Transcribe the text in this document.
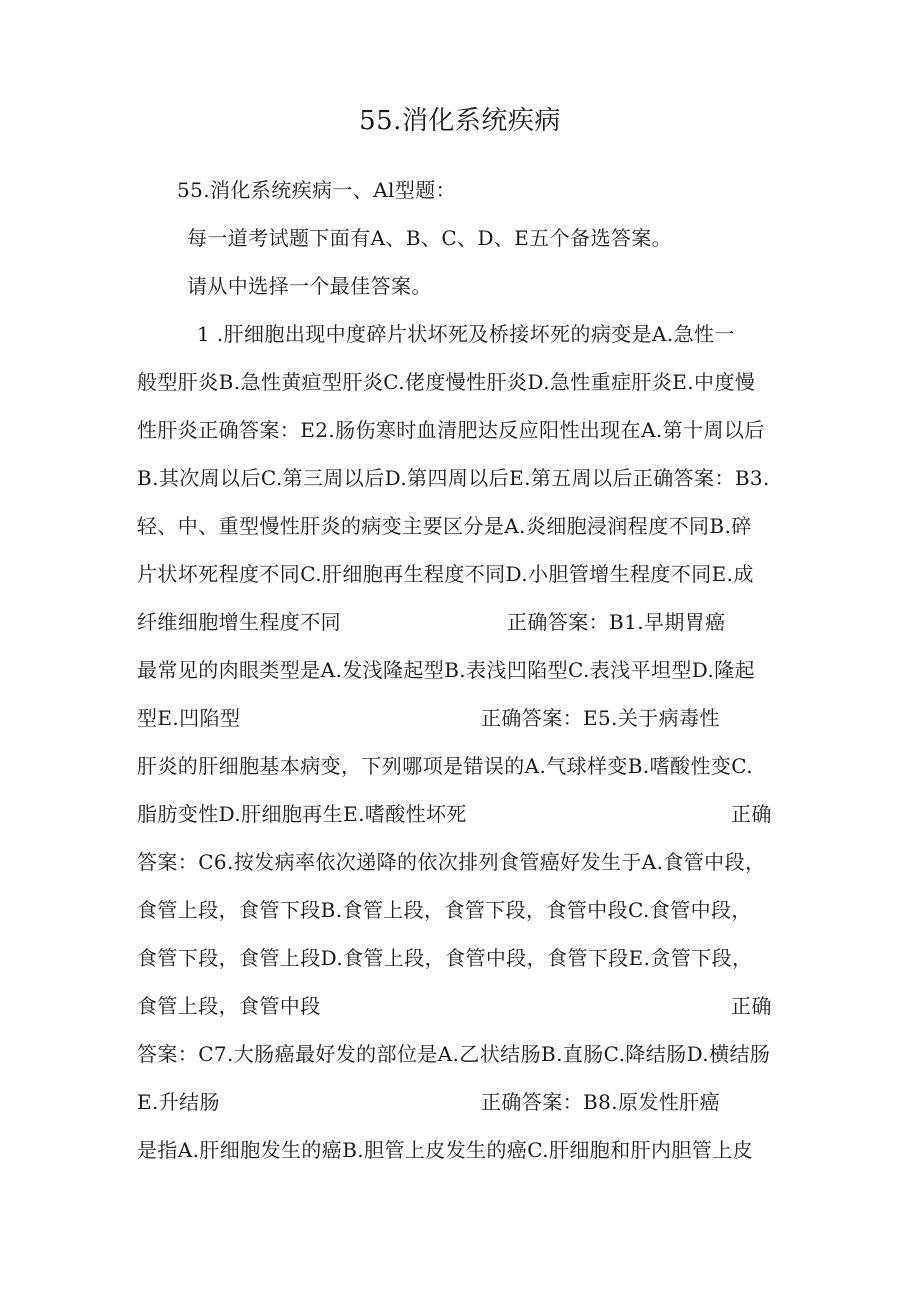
55.消化系统疾病
55.消化系统疾病一、Al型题：
每一道考试题下面有A、B、C、D、E五个备选答案。
请从中选择一个最佳答案。
1 .肝细胞出现中度碎片状坏死及桥接坏死的病变是A.急性一
般型肝炎B.急性黄疸型肝炎C.佬度慢性肝炎D.急性重症肝炎E.中度慢
性肝炎正确答案：E2.肠伤寒时血清肥达反应阳性出现在A.第十周以后
B.其次周以后C.第三周以后D.第四周以后E.第五周以后正确答案：B3.
轻、中、重型慢性肝炎的病变主要区分是A.炎细胞浸润程度不同B.碎
片状坏死程度不同C.肝细胞再生程度不同D.小胆管增生程度不同E.成
纤维细胞增生程度不同	正确答案：B1.早期胃癌
最常见的肉眼类型是A.发浅隆起型B.表浅凹陷型C.表浅平坦型D.隆起
型E.凹陷型	正确答案：E5.关于病毒性
肝炎的肝细胞基本病变，下列哪项是错误的A.气球样变B.嗜酸性变C.
脂肪变性D.肝细胞再生E.嗜酸性坏死	正确
答案：C6.按发病率依次递降的依次排列食管癌好发生于A.食管中段，
食管上段，食管下段B.食管上段，食管下段，食管中段C.食管中段，
食管下段，食管上段D.食管上段，食管中段，食管下段E.贪管下段，
食管上段，食管中段	正确
答案：C7.大肠癌最好发的部位是A.乙状结肠B.直肠C.降结肠D.横结肠
E.升结肠	正确答案：B8.原发性肝癌
是指A.肝细胞发生的癌B.胆管上皮发生的癌C.肝细胞和肝内胆管上皮
